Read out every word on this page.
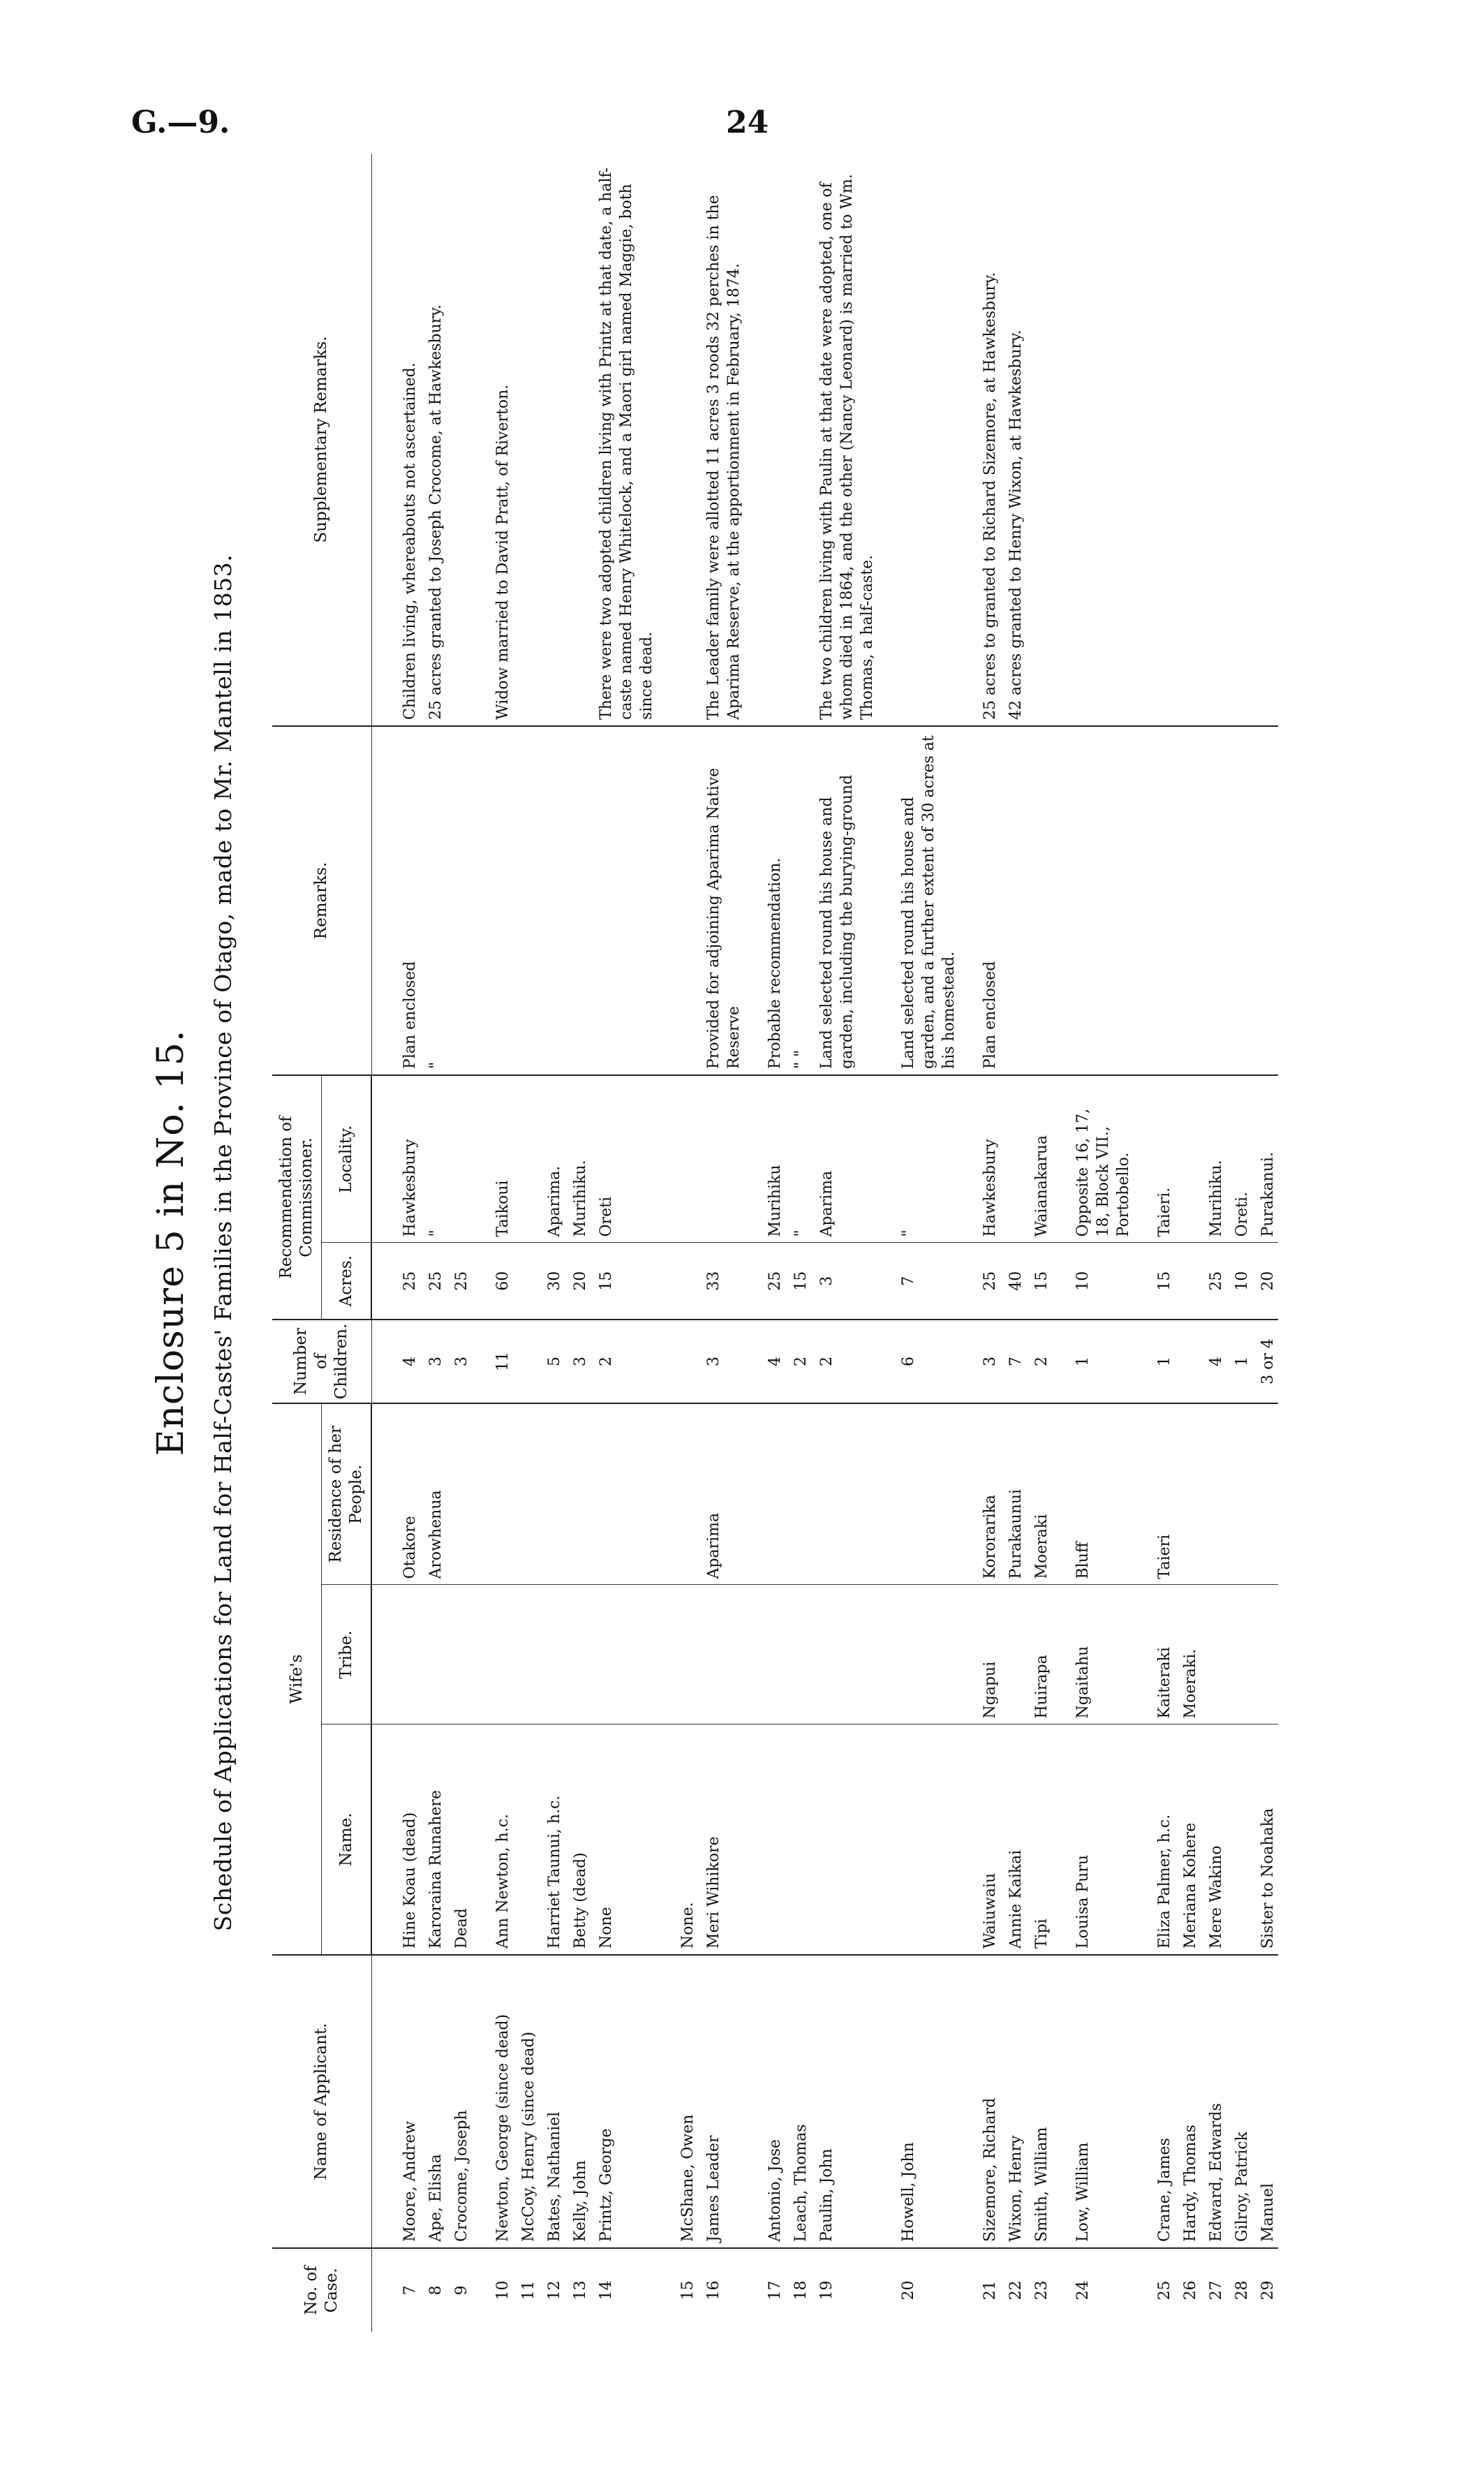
G.—9.	24
Enclosure 5 in No. 15. Schedule of Applications for Land for Half-Castes' Families in the Province of Otago, made to Mr. Mantell in 1853.
No. of Case.	Name of Applicant.	Wife's			Number of Children.	Recommendation of Commissioner.		Remarks.	Supplementary Remarks.
		Name.	Tribe.	Residence of her People.		Acres.	Locality.		
7	Moore, Andrew	Hine Koau (dead)		Otakore	4	25	Hawkesbury	Plan enclosed	Children living, whereabouts not ascertained.
8	Ape, Elisha	Karoraina Runahere		Arowhenua	3	25	"	"	25 acres granted to Joseph Crocome, at Hawkesbury.
9	Crocome, Joseph	Dead			3	25			
10	Newton, George (since dead)	Ann Newton, h.c.			11	60	Taikoui		Widow married to David Pratt, of Riverton.
11	McCoy, Henry (since dead)								
12	Bates, Nathaniel	Harriet Taunui, h.c.			5	30	Aparima.		
13	Kelly, John	Betty (dead)			3	20	Murihiku.		
14	Printz, George	None			2	15	Oreti		There were two adopted children living with Printz at that date, a half-caste named Henry Whitelock, and a Maori girl named Maggie, both since dead.
15	McShane, Owen	None.							
16	James Leader	Meri Wihikore		Aparima	3	33		Provided for adjoining Aparima Native Reserve	The Leader family were allotted 11 acres 3 roods 32 perches in the Aparima Reserve, at the apportionment in February, 1874.
17	Antonio, Jose				4	25	Murihiku	Probable recommendation.	
18	Leach, Thomas				2	15	"	" "	
19	Paulin, John				2	3	Aparima	Land selected round his house and garden, including the burying-ground	The two children living with Paulin at that date were adopted, one of whom died in 1864, and the other (Nancy Leonard) is married to Wm. Thomas, a half-caste.
20	Howell, John				6	7	"	Land selected round his house and garden, and a further extent of 30 acres at his homestead.	
21	Sizemore, Richard	Waiuwaiu	Ngapui	Kororarika	3	25	Hawkesbury	Plan enclosed	25 acres to granted to Richard Sizemore, at Hawkesbury.
22	Wixon, Henry	Annie Kaikai		Purakaunui	7	40			42 acres granted to Henry Wixon, at Hawkesbury.
23	Smith, William	Tipi	Huirapa	Moeraki	2	15	Waianakarua		
24	Low, William	Louisa Puru	Ngaitahu	Bluff	1	10	Opposite 16, 17, 18, Block VII., Portobello.		
25	Crane, James	Eliza Palmer, h.c.	Kaiteraki	Taieri	1	15	Taieri.		
26	Hardy, Thomas	Meriana Kohere	Moeraki.						
27	Edward, Edwards	Mere Wakino			4	25	Murihiku.		
28	Gilroy, Patrick				1	10	Oreti.		
29	Manuel	Sister to Noahaka			3 or 4	20	Purakanui.		
